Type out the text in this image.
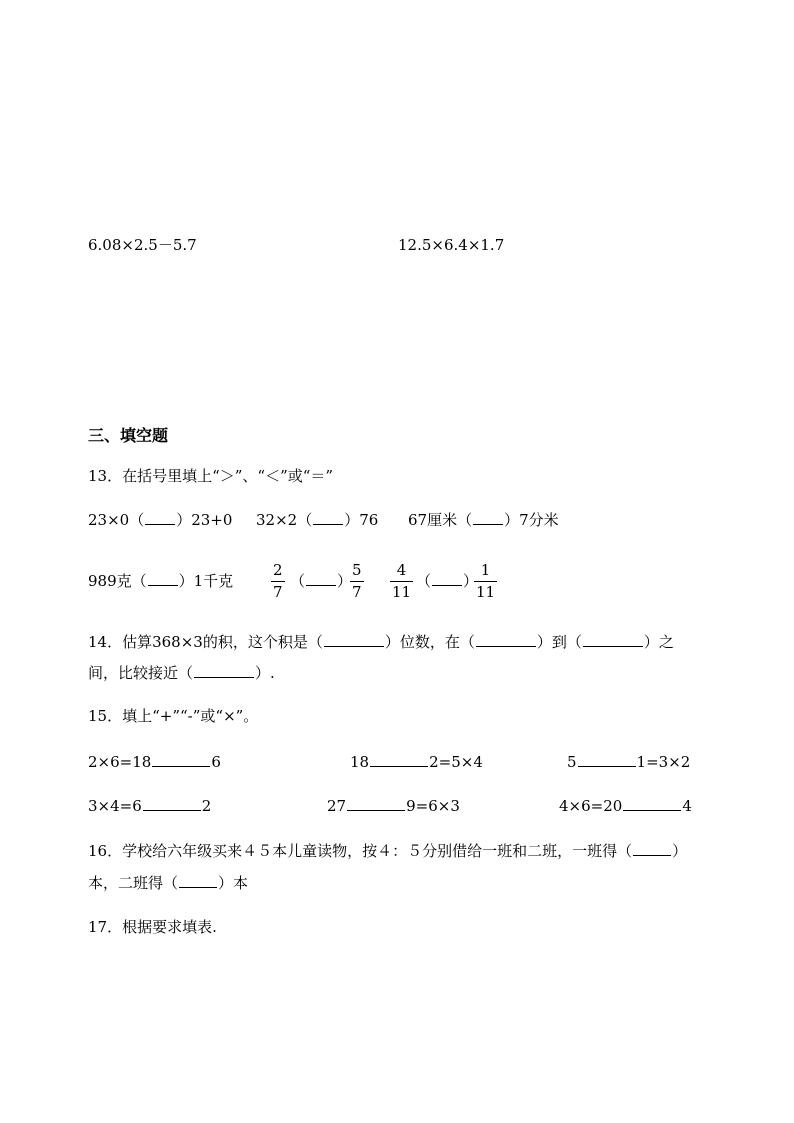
6.08×2.5－5.7	12.5×6.4×1.7
三、填空题
13．在括号里填上“＞”、“＜”或“＝”
23×0（ ）23+0 32×2（ ）76 67厘米（ ）7分米
989克（ ）1千克
2
7
（ ）
5
7
4
11
（ ）
1
11
14．估算368×3的积，这个积是（	）位数，在（	）到（	）之
间，比较接近（	）.
15．填上“+”“-”或“×”。
2×6=18	6	18	2=5×4	5	1=3×2
3×4=6	2	27	9=6×3	4×6=20	4
16．学校给六年级买来４５本儿童读物，按４：５分别借给一班和二班，一班得（	）
本，二班得（	）本
17．根据要求填表.
